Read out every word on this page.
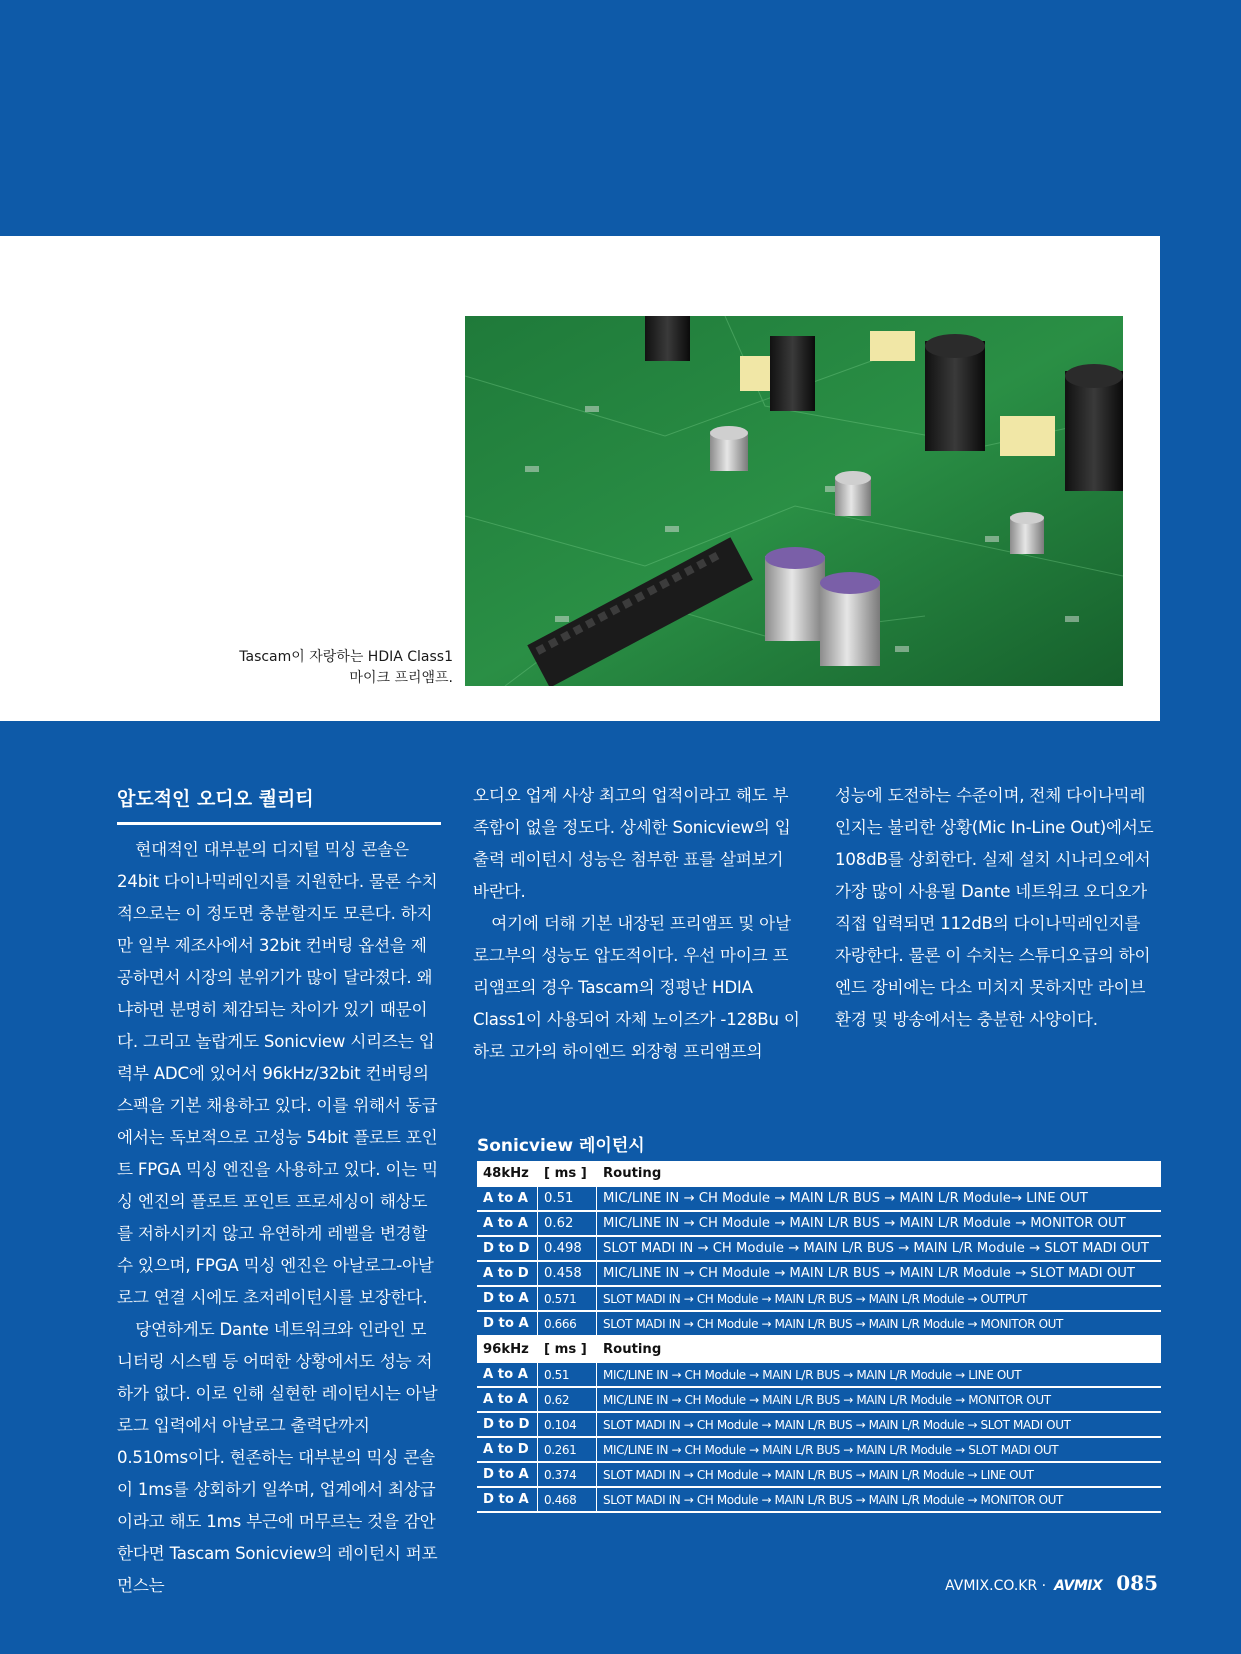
Tascam이 자랑하는 HDIA Class1
마이크 프리앰프.
압도적인 오디오 퀄리티

현대적인 대부분의 디지털 믹싱 콘솔은 24bit 다이나믹레인지를 지원한다. 물론 수치적으로는 이 정도면 충분할지도 모른다. 하지만 일부 제조사에서 32bit 컨버팅 옵션을 제공하면서 시장의 분위기가 많이 달라졌다. 왜냐하면 분명히 체감되는 차이가 있기 때문이다. 그리고 놀랍게도 Sonicview 시리즈는 입력부 ADC에 있어서 96kHz/32bit 컨버팅의 스펙을 기본 채용하고 있다. 이를 위해서 동급에서는 독보적으로 고성능 54bit 플로트 포인트 FPGA 믹싱 엔진을 사용하고 있다. 이는 믹싱 엔진의 플로트 포인트 프로세싱이 해상도를 저하시키지 않고 유연하게 레벨을 변경할 수 있으며, FPGA 믹싱 엔진은 아날로그-아날로그 연결 시에도 초저레이턴시를 보장한다.

당연하게도 Dante 네트워크와 인라인 모니터링 시스템 등 어떠한 상황에서도 성능 저하가 없다. 이로 인해 실현한 레이턴시는 아날로그 입력에서 아날로그 출력단까지 0.510ms이다. 현존하는 대부분의 믹싱 콘솔이 1ms를 상회하기 일쑤며, 업계에서 최상급이라고 해도 1ms 부근에 머무르는 것을 감안한다면 Tascam Sonicview의 레이턴시 퍼포먼스는

오디오 업계 사상 최고의 업적이라고 해도 부족함이 없을 정도다. 상세한 Sonicview의 입출력 레이턴시 성능은 첨부한 표를 살펴보기 바란다.

여기에 더해 기본 내장된 프리앰프 및 아날로그부의 성능도 압도적이다. 우선 마이크 프리앰프의 경우 Tascam의 정평난 HDIA Class1이 사용되어 자체 노이즈가 -128Bu 이하로 고가의 하이엔드 외장형 프리앰프의

성능에 도전하는 수준이며, 전체 다이나믹레인지는 불리한 상황(Mic In-Line Out)에서도 108dB를 상회한다. 실제 설치 시나리오에서 가장 많이 사용될 Dante 네트워크 오디오가 직접 입력되면 112dB의 다이나믹레인지를 자랑한다. 물론 이 수치는 스튜디오급의 하이엔드 장비에는 다소 미치지 못하지만 라이브 환경 및 방송에서는 충분한 사양이다.

Sonicview 레이턴시
48kHz	[ ms ]	Routing
A to A	0.51	MIC/LINE IN → CH Module → MAIN L/R BUS → MAIN L/R Module→ LINE OUT
A to A	0.62	MIC/LINE IN → CH Module → MAIN L/R BUS → MAIN L/R Module → MONITOR OUT
D to D	0.498	SLOT MADI IN → CH Module → MAIN L/R BUS → MAIN L/R Module → SLOT MADI OUT
A to D	0.458	MIC/LINE IN → CH Module → MAIN L/R BUS → MAIN L/R Module → SLOT MADI OUT
D to A	0.571	SLOT MADI IN → CH Module → MAIN L/R BUS → MAIN L/R Module → OUTPUT
D to A	0.666	SLOT MADI IN → CH Module → MAIN L/R BUS → MAIN L/R Module → MONITOR OUT
96kHz	[ ms ]	Routing
A to A	0.51	MIC/LINE IN → CH Module → MAIN L/R BUS → MAIN L/R Module → LINE OUT
A to A	0.62	MIC/LINE IN → CH Module → MAIN L/R BUS → MAIN L/R Module → MONITOR OUT
D to D	0.104	SLOT MADI IN → CH Module → MAIN L/R BUS → MAIN L/R Module → SLOT MADI OUT
A to D	0.261	MIC/LINE IN → CH Module → MAIN L/R BUS → MAIN L/R Module → SLOT MADI OUT
D to A	0.374	SLOT MADI IN → CH Module → MAIN L/R BUS → MAIN L/R Module → LINE OUT
D to A	0.468	SLOT MADI IN → CH Module → MAIN L/R BUS → MAIN L/R Module → MONITOR OUT
AVMIX.CO.KR · AVMIX 085
